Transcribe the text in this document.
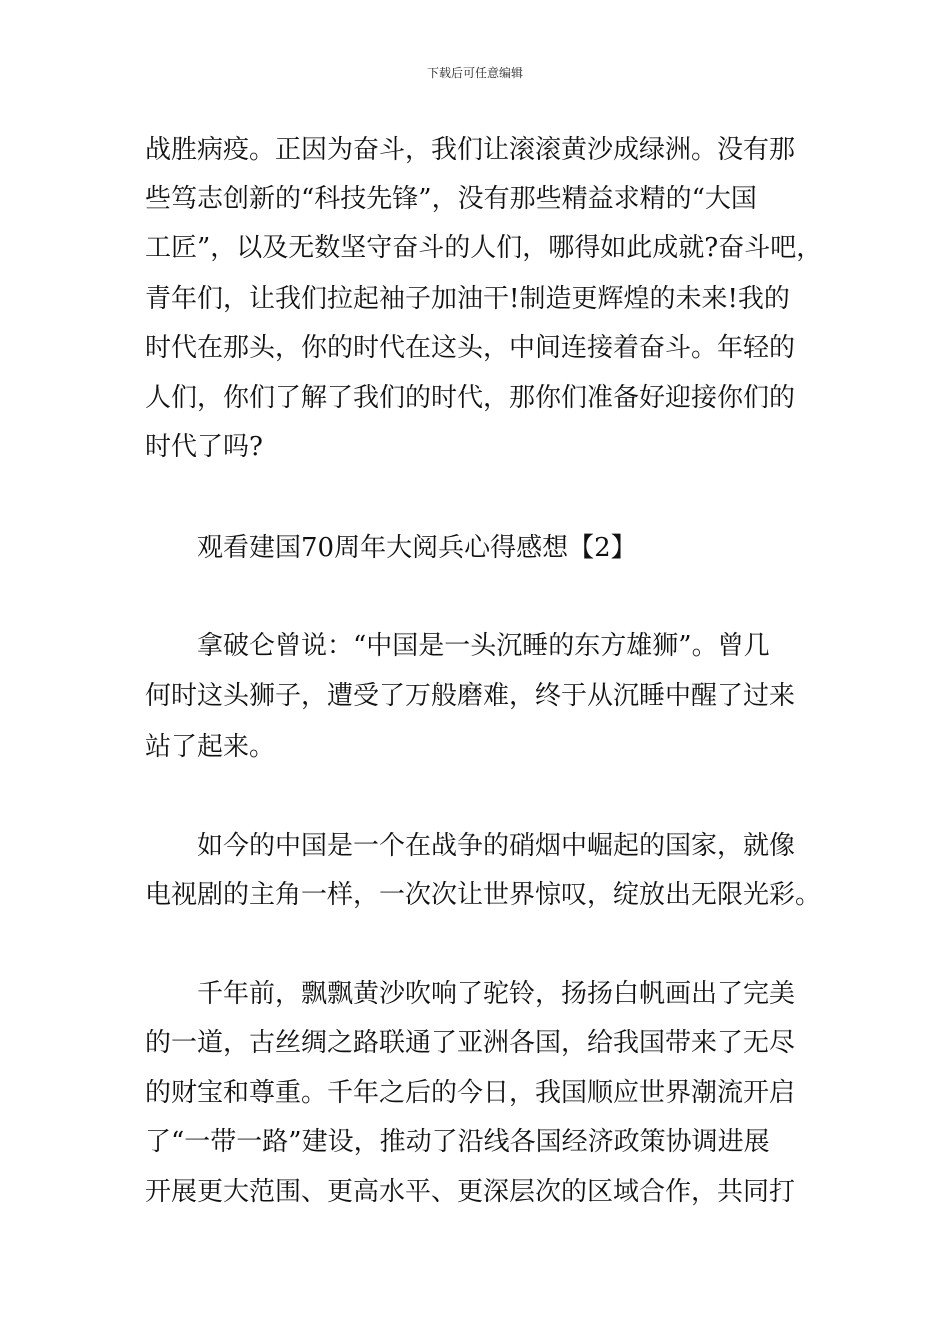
下载后可任意编辑
战胜病疫。正因为奋斗，我们让滚滚黄沙成绿洲。没有那
些笃志创新的“科技先锋”，没有那些精益求精的“大国
工匠”，以及无数坚守奋斗的人们，哪得如此成就?奋斗吧，
青年们，让我们拉起袖子加油干!制造更辉煌的未来!我的
时代在那头，你的时代在这头，中间连接着奋斗。年轻的
人们，你们了解了我们的时代，那你们准备好迎接你们的
时代了吗?
观看建国70周年大阅兵心得感想【2】
拿破仑曾说：“中国是一头沉睡的东方雄狮”。曾几
何时这头狮子，遭受了万般磨难，终于从沉睡中醒了过来
站了起来。
如今的中国是一个在战争的硝烟中崛起的国家，就像
电视剧的主角一样，一次次让世界惊叹，绽放出无限光彩。
千年前，飘飘黄沙吹响了驼铃，扬扬白帆画出了完美
的一道，古丝绸之路联通了亚洲各国，给我国带来了无尽
的财宝和尊重。千年之后的今日，我国顺应世界潮流开启
了“一带一路”建设，推动了沿线各国经济政策协调进展
开展更大范围、更高水平、更深层次的区域合作，共同打
